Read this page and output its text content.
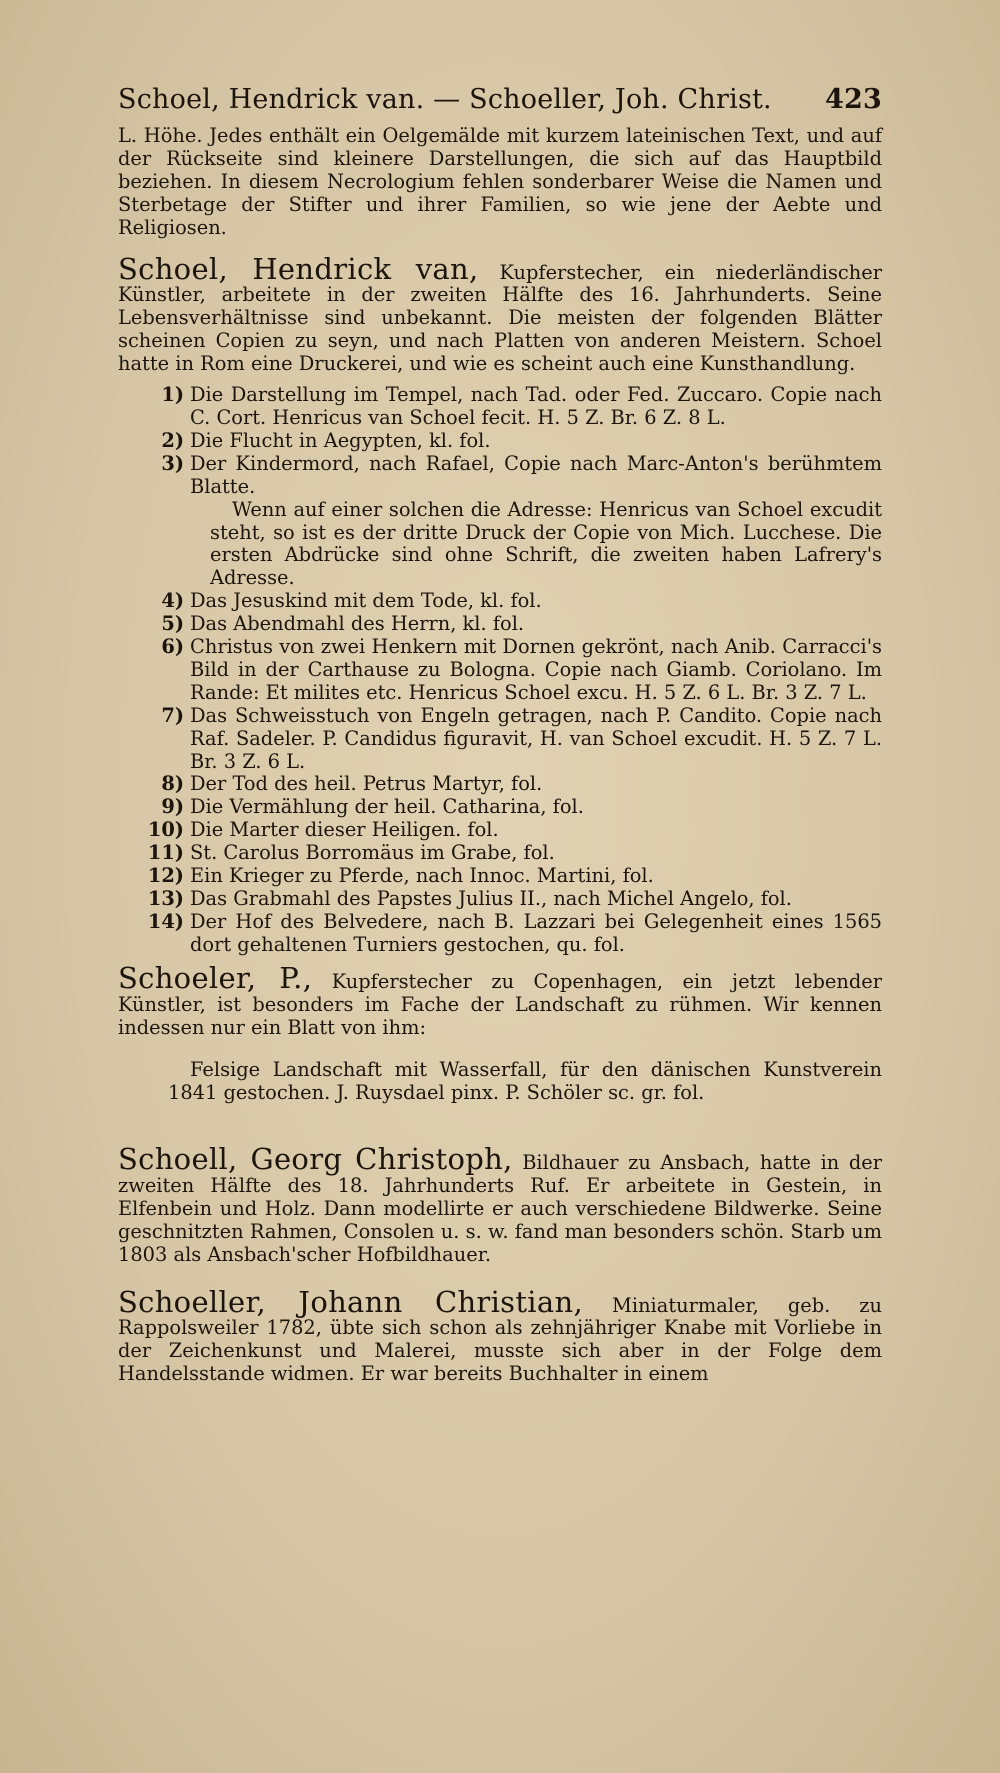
Schoel, Hendrick van. — Schoeller, Joh. Christ. 423

L. Höhe. Jedes enthält ein Oelgemälde mit kurzem lateinischen Text, und auf der Rückseite sind kleinere Darstellungen, die sich auf das Hauptbild beziehen. In diesem Necrologium fehlen sonderbarer Weise die Namen und Sterbetage der Stifter und ihrer Familien, so wie jene der Aebte und Religiosen.

Schoel, Hendrick van, Kupferstecher, ein niederländischer Künstler, arbeitete in der zweiten Hälfte des 16. Jahrhunderts. Seine Lebensverhältnisse sind unbekannt. Die meisten der folgenden Blätter scheinen Copien zu seyn, und nach Platten von anderen Meistern. Schoel hatte in Rom eine Druckerei, und wie es scheint auch eine Kunsthandlung.

1) Die Darstellung im Tempel, nach Tad. oder Fed. Zuccaro. Copie nach C. Cort. Henricus van Schoel fecit. H. 5 Z. Br. 6 Z. 8 L.
2) Die Flucht in Aegypten, kl. fol.
3) Der Kindermord, nach Rafael, Copie nach Marc-Anton's berühmtem Blatte.
Wenn auf einer solchen die Adresse: Henricus van Schoel excudit steht, so ist es der dritte Druck der Copie von Mich. Lucchese. Die ersten Abdrücke sind ohne Schrift, die zweiten haben Lafrery's Adresse.
4) Das Jesuskind mit dem Tode, kl. fol.
5) Das Abendmahl des Herrn, kl. fol.
6) Christus von zwei Henkern mit Dornen gekrönt, nach Anib. Carracci's Bild in der Carthause zu Bologna. Copie nach Giamb. Coriolano. Im Rande: Et milites etc. Henricus Schoel excu. H. 5 Z. 6 L. Br. 3 Z. 7 L.
7) Das Schweisstuch von Engeln getragen, nach P. Candito. Copie nach Raf. Sadeler. P. Candidus figuravit, H. van Schoel excudit. H. 5 Z. 7 L. Br. 3 Z. 6 L.
8) Der Tod des heil. Petrus Martyr, fol.
9) Die Vermählung der heil. Catharina, fol.
10) Die Marter dieser Heiligen. fol.
11) St. Carolus Borromäus im Grabe, fol.
12) Ein Krieger zu Pferde, nach Innoc. Martini, fol.
13) Das Grabmahl des Papstes Julius II., nach Michel Angelo, fol.
14) Der Hof des Belvedere, nach B. Lazzari bei Gelegenheit eines 1565 dort gehaltenen Turniers gestochen, qu. fol.

Schoeler, P., Kupferstecher zu Copenhagen, ein jetzt lebender Künstler, ist besonders im Fache der Landschaft zu rühmen. Wir kennen indessen nur ein Blatt von ihm:

Felsige Landschaft mit Wasserfall, für den dänischen Kunstverein 1841 gestochen. J. Ruysdael pinx. P. Schöler sc. gr. fol.

Schoell, Georg Christoph, Bildhauer zu Ansbach, hatte in der zweiten Hälfte des 18. Jahrhunderts Ruf. Er arbeitete in Gestein, in Elfenbein und Holz. Dann modellirte er auch verschiedene Bildwerke. Seine geschnitzten Rahmen, Consolen u. s. w. fand man besonders schön. Starb um 1803 als Ansbach'scher Hofbildhauer.

Schoeller, Johann Christian, Miniaturmaler, geb. zu Rappolsweiler 1782, übte sich schon als zehnjähriger Knabe mit Vorliebe in der Zeichenkunst und Malerei, musste sich aber in der Folge dem Handelsstande widmen. Er war bereits Buchhalter in einem
